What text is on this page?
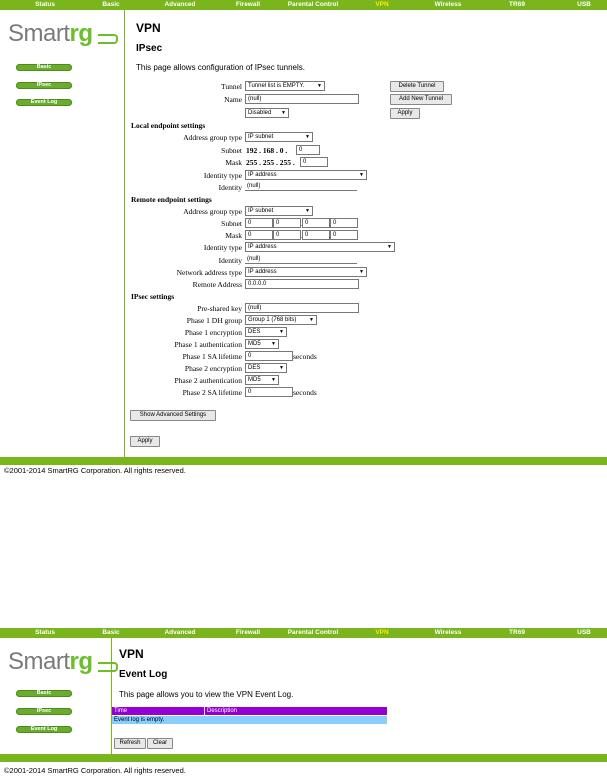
Status	Basic	Advanced	Firewall	Parental Control	VPN	Wireless	TR69	USB
Smartrg
Basic
IPsec
Event Log
VPN
IPsec
This page allows configuration of IPsec tunnels.
Tunnel	Tunnel list is EMPTY.	▼	Delete Tunnel
Name	(null)	Add New Tunnel
Disabled ▼	Apply
Local endpoint settings
Address group type	IP subnet	▼
Subnet 192 . 168 . 0 .	0
Mask 255 . 255 . 255 .	0
Identity type	IP address	▼
Identity (null)
Remote endpoint settings
Address group type	IP subnet	▼
Subnet	0	0	0	0
Mask	0	0	0	0
Identity type	IP address	▼
Identity (null)
Network address type	IP address	▼
Remote Address	0.0.0.0
IPsec settings
Pre-shared key	(null)
Phase 1 DH group	Group 1 (768 bits)	▼
Phase 1 encryption	DES	▼
Phase 1 authentication	MD5 ▼
Phase 1 SA lifetime	0	seconds
Phase 2 encryption	DES	▼
Phase 2 authentication	MD5 ▼
Phase 2 SA lifetime	0	seconds
Show Advanced Settings
Apply
©2001-2014 SmartRG Corporation. All rights reserved.
Status	Basic	Advanced	Firewall	Parental Control	VPN	Wireless	TR69	USB
Smartrg
Basic
IPsec
Event Log
VPN
Event Log
This page allows you to view the VPN Event Log.
Time	Description
Event log is empty.
Refresh	Clear
©2001-2014 SmartRG Corporation. All rights reserved.
